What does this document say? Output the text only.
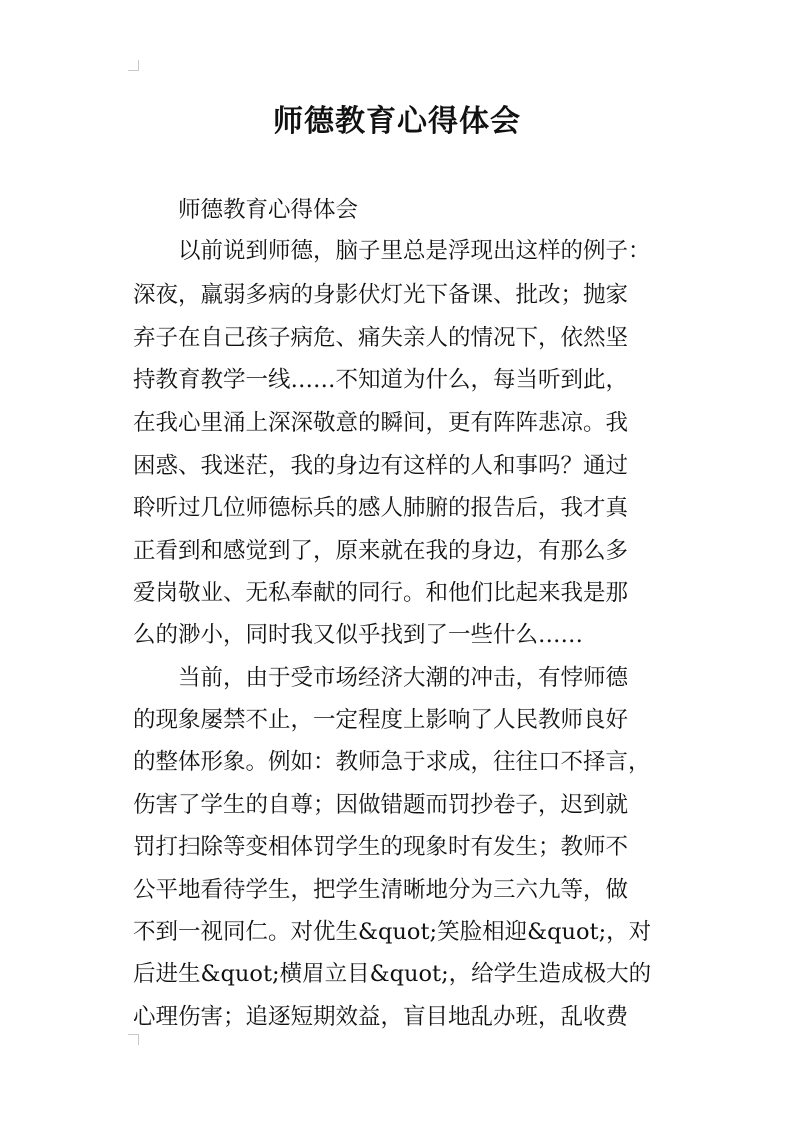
师德教育心得体会
师德教育心得体会
以前说到师德，脑子里总是浮现出这样的例子：
深夜，羸弱多病的身影伏灯光下备课、批改；抛家
弃子在自己孩子病危、痛失亲人的情况下，依然坚
持教育教学一线……不知道为什么，每当听到此，
在我心里涌上深深敬意的瞬间，更有阵阵悲凉。我
困惑、我迷茫，我的身边有这样的人和事吗？通过
聆听过几位师德标兵的感人肺腑的报告后，我才真
正看到和感觉到了，原来就在我的身边，有那么多
爱岗敬业、无私奉献的同行。和他们比起来我是那
么的渺小，同时我又似乎找到了一些什么……
当前，由于受市场经济大潮的冲击，有悖师德
的现象屡禁不止，一定程度上影响了人民教师良好
的整体形象。例如：教师急于求成，往往口不择言，
伤害了学生的自尊；因做错题而罚抄卷子，迟到就
罚打扫除等变相体罚学生的现象时有发生；教师不
公平地看待学生，把学生清晰地分为三六九等，做
不到一视同仁。对优生&quot;笑脸相迎&quot;，对
后进生&quot;横眉立目&quot;，给学生造成极大的
心理伤害；追逐短期效益，盲目地乱办班，乱收费
